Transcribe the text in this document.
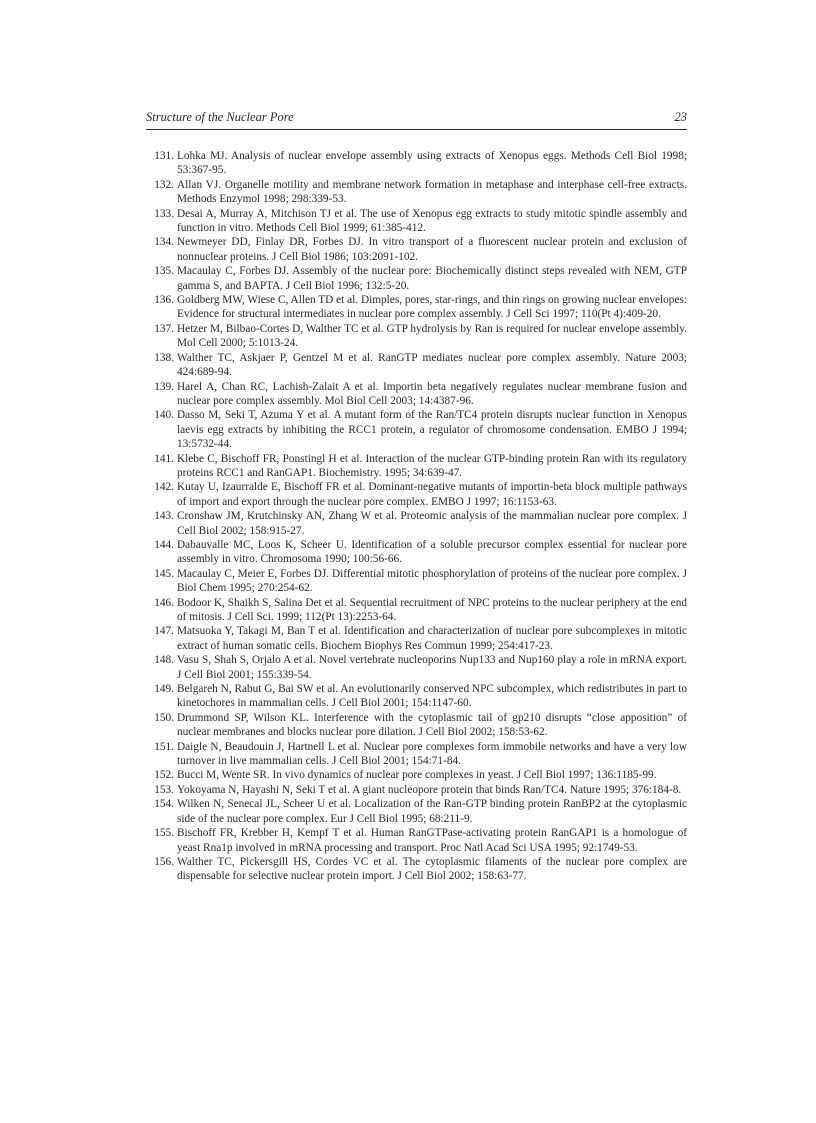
Structure of the Nuclear Pore	23
131. Lohka MJ. Analysis of nuclear envelope assembly using extracts of Xenopus eggs. Methods Cell Biol 1998; 53:367-95.
132. Allan VJ. Organelle motility and membrane network formation in metaphase and interphase cell-free extracts. Methods Enzymol 1998; 298:339-53.
133. Desai A, Murray A, Mitchison TJ et al. The use of Xenopus egg extracts to study mitotic spindle assembly and function in vitro. Methods Cell Biol 1999; 61:385-412.
134. Newmeyer DD, Finlay DR, Forbes DJ. In vitro transport of a fluorescent nuclear protein and exclusion of nonnuclear proteins. J Cell Biol 1986; 103:2091-102.
135. Macaulay C, Forbes DJ. Assembly of the nuclear pore: Biochemically distinct steps revealed with NEM, GTP gamma S, and BAPTA. J Cell Biol 1996; 132:5-20.
136. Goldberg MW, Wiese C, Allen TD et al. Dimples, pores, star-rings, and thin rings on growing nuclear envelopes: Evidence for structural intermediates in nuclear pore complex assembly. J Cell Sci 1997; 110(Pt 4):409-20.
137. Hetzer M, Bilbao-Cortes D, Walther TC et al. GTP hydrolysis by Ran is required for nuclear envelope assembly. Mol Cell 2000; 5:1013-24.
138. Walther TC, Askjaer P, Gentzel M et al. RanGTP mediates nuclear pore complex assembly. Nature 2003; 424:689-94.
139. Harel A, Chan RC, Lachish-Zalait A et al. Importin beta negatively regulates nuclear membrane fusion and nuclear pore complex assembly. Mol Biol Cell 2003; 14:4387-96.
140. Dasso M, Seki T, Azuma Y et al. A mutant form of the Ran/TC4 protein disrupts nuclear function in Xenopus laevis egg extracts by inhibiting the RCC1 protein, a regulator of chromosome condensation. EMBO J 1994; 13:5732-44.
141. Klebe C, Bischoff FR, Ponstingl H et al. Interaction of the nuclear GTP-binding protein Ran with its regulatory proteins RCC1 and RanGAP1. Biochemistry. 1995; 34:639-47.
142. Kutay U, Izaurralde E, Bischoff FR et al. Dominant-negative mutants of importin-beta block multiple pathways of import and export through the nuclear pore complex. EMBO J 1997; 16:1153-63.
143. Cronshaw JM, Krutchinsky AN, Zhang W et al. Proteomic analysis of the mammalian nuclear pore complex. J Cell Biol 2002; 158:915-27.
144. Dabauvalle MC, Loos K, Scheer U. Identification of a soluble precursor complex essential for nuclear pore assembly in vitro. Chromosoma 1990; 100:56-66.
145. Macaulay C, Meier E, Forbes DJ. Differential mitotic phosphorylation of proteins of the nuclear pore complex. J Biol Chem 1995; 270:254-62.
146. Bodoor K, Shaikh S, Salina Det et al. Sequential recruitment of NPC proteins to the nuclear periphery at the end of mitosis. J Cell Sci. 1999; 112(Pt 13):2253-64.
147. Matsuoka Y, Takagi M, Ban T et al. Identification and characterization of nuclear pore subcomplexes in mitotic extract of human somatic cells. Biochem Biophys Res Commun 1999; 254:417-23.
148. Vasu S, Shah S, Orjalo A et al. Novel vertebrate nucleoporins Nup133 and Nup160 play a role in mRNA export. J Cell Biol 2001; 155:339-54.
149. Belgareh N, Rabut G, Bai SW et al. An evolutionarily conserved NPC subcomplex, which redistributes in part to kinetochores in mammalian cells. J Cell Biol 2001; 154:1147-60.
150. Drummond SP, Wilson KL. Interference with the cytoplasmic tail of gp210 disrupts “close apposition” of nuclear membranes and blocks nuclear pore dilation. J Cell Biol 2002; 158:53-62.
151. Daigle N, Beaudouin J, Hartnell L et al. Nuclear pore complexes form immobile networks and have a very low turnover in live mammalian cells. J Cell Biol 2001; 154:71-84.
152. Bucci M, Wente SR. In vivo dynamics of nuclear pore complexes in yeast. J Cell Biol 1997; 136:1185-99.
153. Yokoyama N, Hayashi N, Seki T et al. A giant nucleopore protein that binds Ran/TC4. Nature 1995; 376:184-8.
154. Wilken N, Senecal JL, Scheer U et al. Localization of the Ran-GTP binding protein RanBP2 at the cytoplasmic side of the nuclear pore complex. Eur J Cell Biol 1995; 68:211-9.
155. Bischoff FR, Krebber H, Kempf T et al. Human RanGTPase-activating protein RanGAP1 is a homologue of yeast Rna1p involved in mRNA processing and transport. Proc Natl Acad Sci USA 1995; 92:1749-53.
156. Walther TC, Pickersgill HS, Cordes VC et al. The cytoplasmic filaments of the nuclear pore complex are dispensable for selective nuclear protein import. J Cell Biol 2002; 158:63-77.
